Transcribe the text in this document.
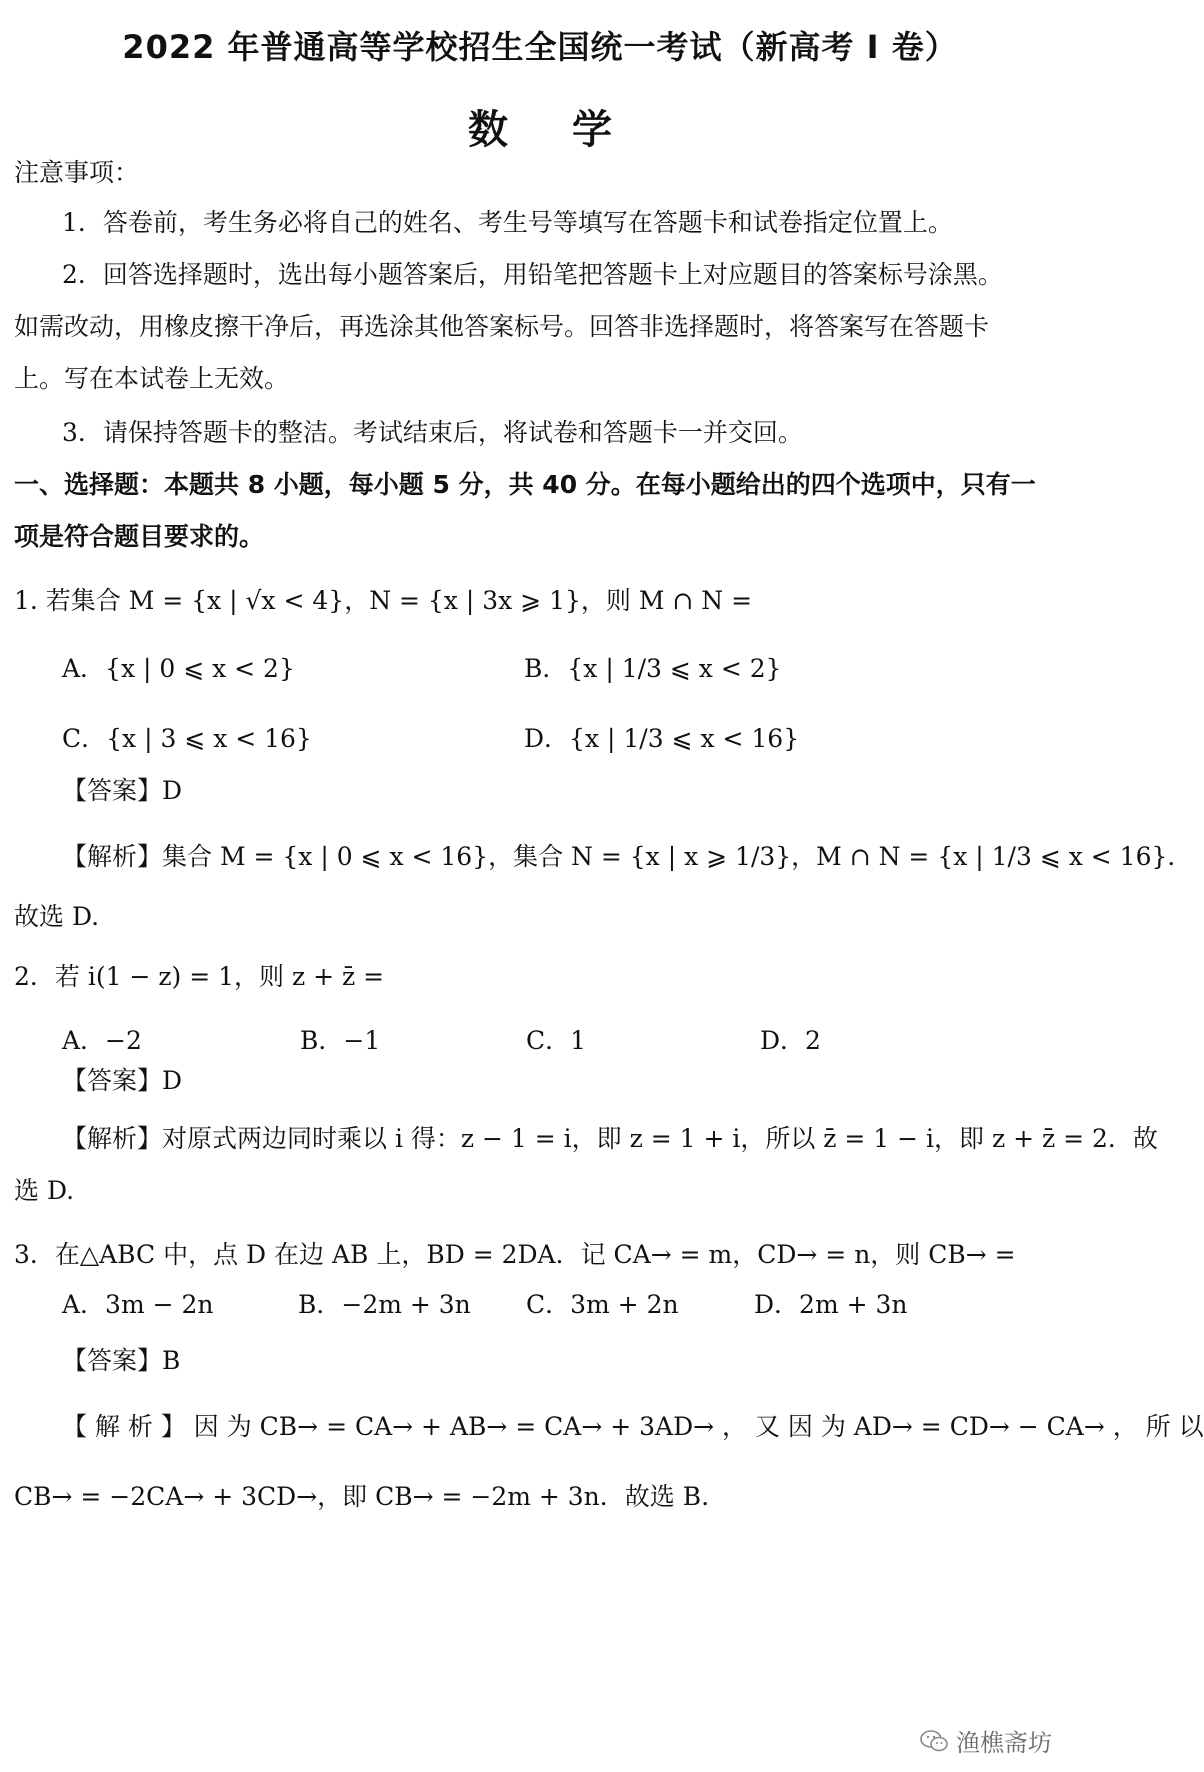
2022 年普通高等学校招生全国统一考试（新高考 I 卷）
数学
注意事项：
1．答卷前，考生务必将自己的姓名、考生号等填写在答题卡和试卷指定位置上。
2．回答选择题时，选出每小题答案后，用铅笔把答题卡上对应题目的答案标号涂黑。
如需改动，用橡皮擦干净后，再选涂其他答案标号。回答非选择题时，将答案写在答题卡
上。写在本试卷上无效。
3．请保持答题卡的整洁。考试结束后，将试卷和答题卡一并交回。
一、选择题：本题共 8 小题，每小题 5 分，共 40 分。在每小题给出的四个选项中，只有一
项是符合题目要求的。
1. 若集合 M = {x | √x < 4}，N = {x | 3x ⩾ 1}，则 M ∩ N =
A．{x | 0 ⩽ x < 2}	B．{x | 1/3 ⩽ x < 2}
C．{x | 3 ⩽ x < 16}	D．{x | 1/3 ⩽ x < 16}
【答案】D
【解析】集合 M = {x | 0 ⩽ x < 16}，集合 N = {x | x ⩾ 1/3}，M ∩ N = {x | 1/3 ⩽ x < 16}．
故选 D.
2．若 i(1 − z) = 1，则 z + z̄ =
A．−2	B．−1	C．1	D．2
【答案】D
【解析】对原式两边同时乘以 i 得：z − 1 = i，即 z = 1 + i，所以 z̄ = 1 − i，即 z + z̄ = 2．故
选 D.
3．在△ABC 中，点 D 在边 AB 上，BD = 2DA．记 CA→ = m，CD→ = n，则 CB→ =
A．3m − 2n	B．−2m + 3n C．3m + 2n	D．2m + 3n
【答案】B
【 解 析 】 因 为 CB→ = CA→ + AB→ = CA→ + 3AD→ ， 又 因 为 AD→ = CD→ − CA→ ， 所 以
CB→ = −2CA→ + 3CD→，即 CB→ = −2m + 3n．故选 B.
渔樵斋坊
